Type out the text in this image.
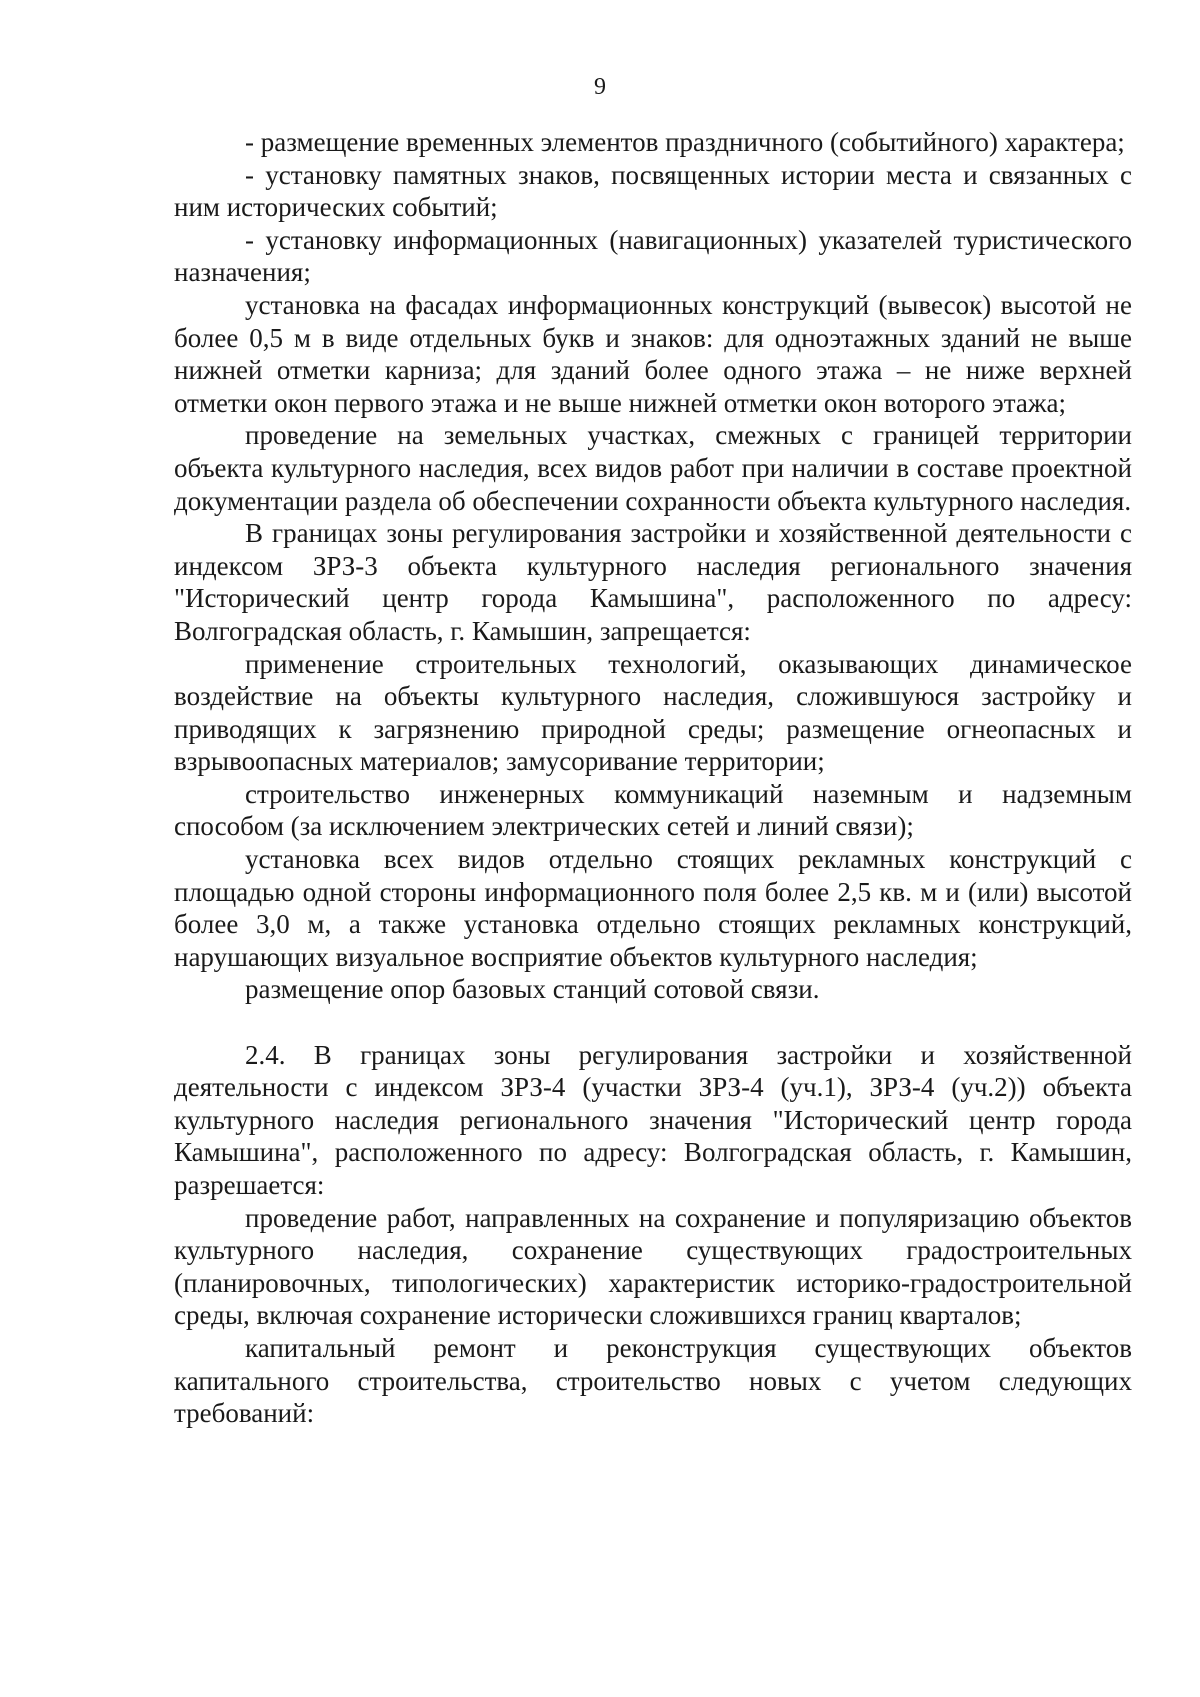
9

- размещение временных элементов праздничного (событийного) характера;

- установку памятных знаков, посвященных истории места и связанных с ним исторических событий;

- установку информационных (навигационных) указателей туристического назначения;

установка на фасадах информационных конструкций (вывесок) высотой не более 0,5 м в виде отдельных букв и знаков: для одноэтажных зданий не выше нижней отметки карниза; для зданий более одного этажа – не ниже верхней отметки окон первого этажа и не выше нижней отметки окон воторого этажа;

проведение на земельных участках, смежных с границей территории объекта культурного наследия, всех видов работ при наличии в составе проектной документации раздела об обеспечении сохранности объекта культурного наследия.

В границах зоны регулирования застройки и хозяйственной деятельности с индексом ЗРЗ-3 объекта культурного наследия регионального значения "Исторический центр города Камышина", расположенного по адресу: Волгоградская область, г. Камышин, запрещается:

применение строительных технологий, оказывающих динамическое воздействие на объекты культурного наследия, сложившуюся застройку и приводящих к загрязнению природной среды; размещение огнеопасных и взрывоопасных материалов; замусоривание территории;

строительство инженерных коммуникаций наземным и надземным способом (за исключением электрических сетей и линий связи);

установка всех видов отдельно стоящих рекламных конструкций с площадью одной стороны информационного поля более 2,5 кв. м и (или) высотой более 3,0 м, а также установка отдельно стоящих рекламных конструкций, нарушающих визуальное восприятие объектов культурного наследия;

размещение опор базовых станций сотовой связи.

2.4. В границах зоны регулирования застройки и хозяйственной деятельности с индексом ЗРЗ-4 (участки ЗРЗ-4 (уч.1), ЗРЗ-4 (уч.2)) объекта культурного наследия регионального значения "Исторический центр города Камышина", расположенного по адресу: Волгоградская область, г. Камышин, разрешается:

проведение работ, направленных на сохранение и популяризацию объектов культурного наследия, сохранение существующих градостроительных (планировочных, типологических) характеристик историко-градостроительной среды, включая сохранение исторически сложившихся границ кварталов;

капитальный ремонт и реконструкция существующих объектов капитального строительства, строительство новых с учетом следующих требований:
